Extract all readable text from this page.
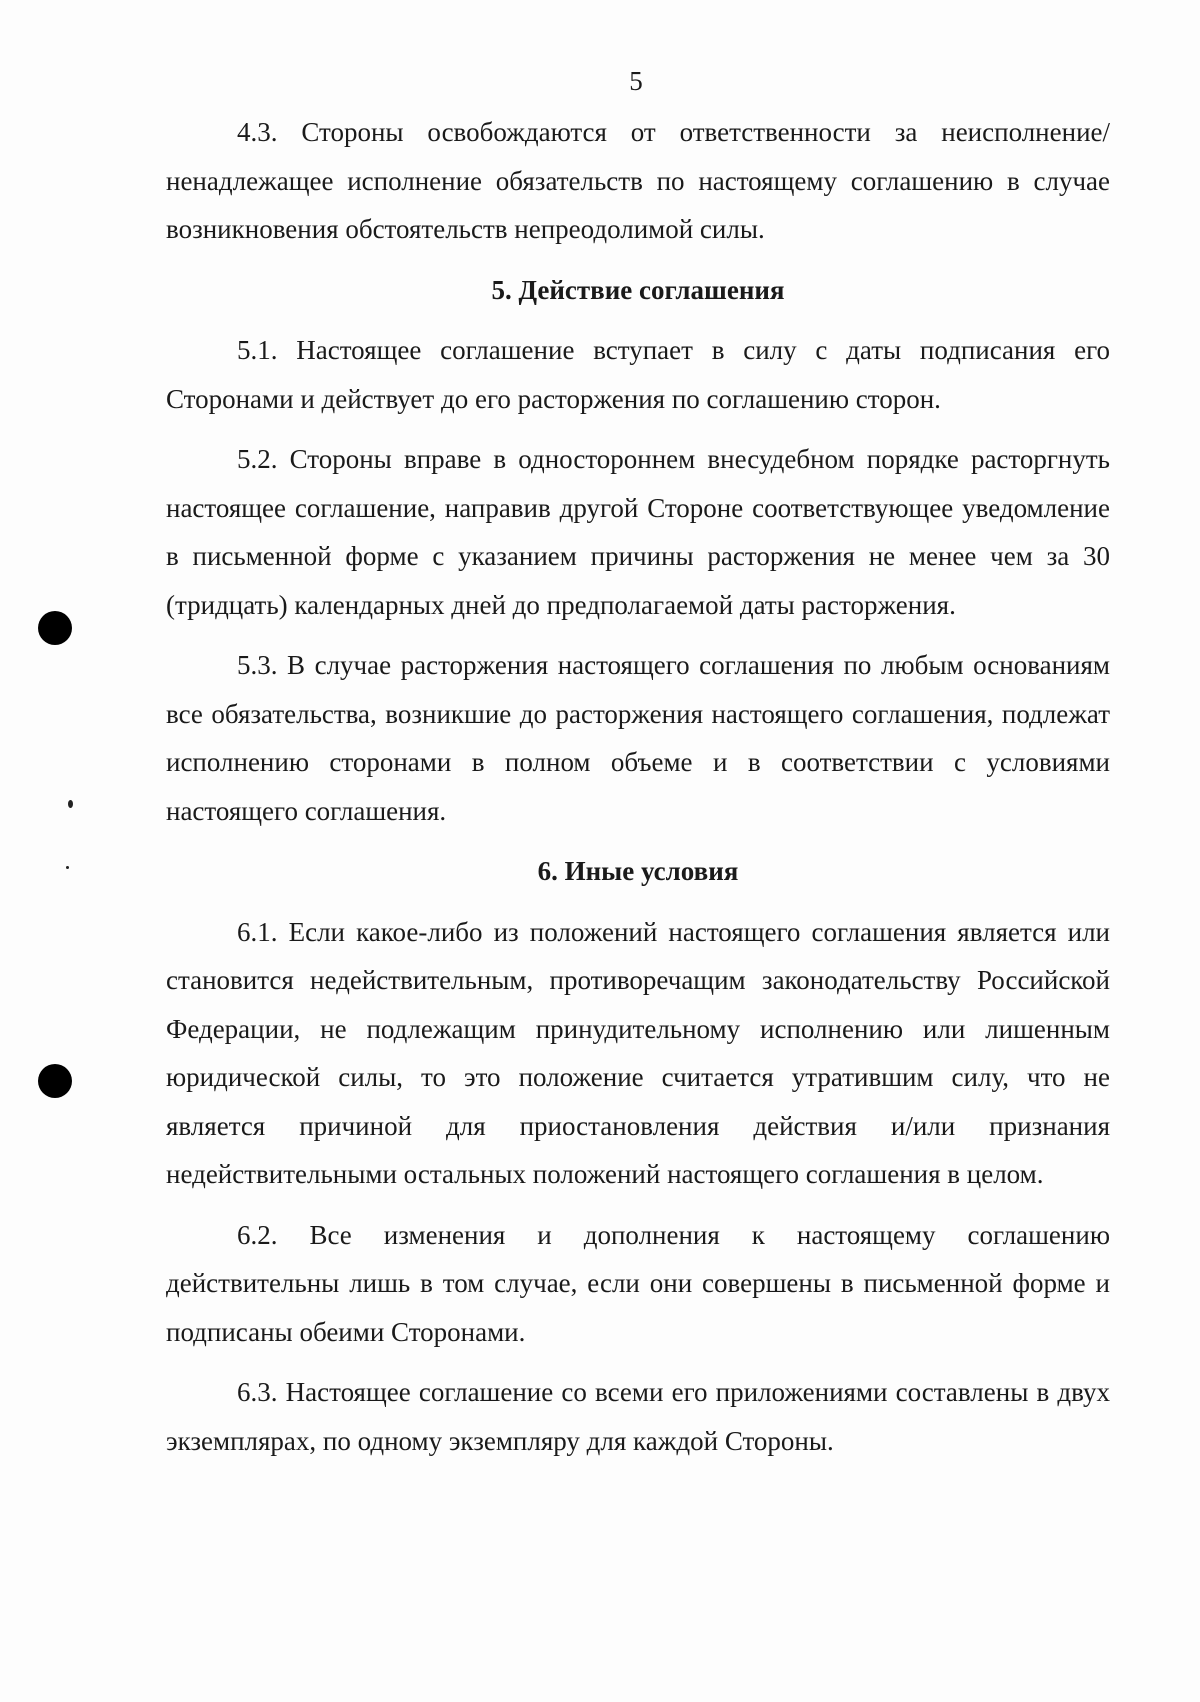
5

4.3. Стороны освобождаются от ответственности за неисполнение/ненадлежащее исполнение обязательств по настоящему соглашению в случае возникновения обстоятельств непреодолимой силы.

5. Действие соглашения

5.1. Настоящее соглашение вступает в силу с даты подписания его Сторонами и действует до его расторжения по соглашению сторон.

5.2. Стороны вправе в одностороннем внесудебном порядке расторгнуть настоящее соглашение, направив другой Стороне соответствующее уведомление в письменной форме с указанием причины расторжения не менее чем за 30 (тридцать) календарных дней до предполагаемой даты расторжения.

5.3. В случае расторжения настоящего соглашения по любым основаниям все обязательства, возникшие до расторжения настоящего соглашения, подлежат исполнению сторонами в полном объеме и в соответствии с условиями настоящего соглашения.

6. Иные условия

6.1. Если какое-либо из положений настоящего соглашения является или становится недействительным, противоречащим законодательству Российской Федерации, не подлежащим принудительному исполнению или лишенным юридической силы, то это положение считается утратившим силу, что не является причиной для приостановления действия и/или признания недействительными остальных положений настоящего соглашения в целом.

6.2. Все изменения и дополнения к настоящему соглашению действительны лишь в том случае, если они совершены в письменной форме и подписаны обеими Сторонами.

6.3. Настоящее соглашение со всеми его приложениями составлены в двух экземплярах, по одному экземпляру для каждой Стороны.
